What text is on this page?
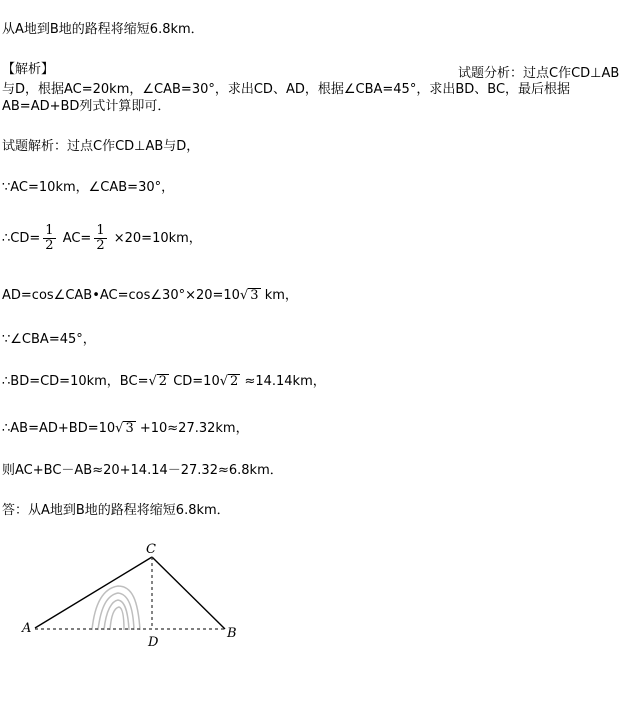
从A地到B地的路程将缩短6.8km．
【解析】	试题分析：过点C作CD⊥AB
与D，根据AC=20km，∠CAB=30°，求出CD、AD，根据∠CBA=45°，求出BD、BC，最后根据
AB=AD+BD列式计算即可．
试题解析：过点C作CD⊥AB与D，
∵AC=10km，∠CAB=30°，
∴CD= $\frac{1}{2} AC= \frac{1}{2} \times 20=10km$，
AD=cos∠CAB•AC=cos∠30°×20=10√ 3 km，
∵∠CBA=45°，
∴BD=CD=10km，BC=√ 2 CD=10√ 2 ≈14.14km，
∴AB=AD+BD=10√ 3 +10≈27.32km，
则AC+BC－AB≈20+14.14－27.32≈6.8km．
答：从A地到B地的路程将缩短6.8km．
A	B
C
D
